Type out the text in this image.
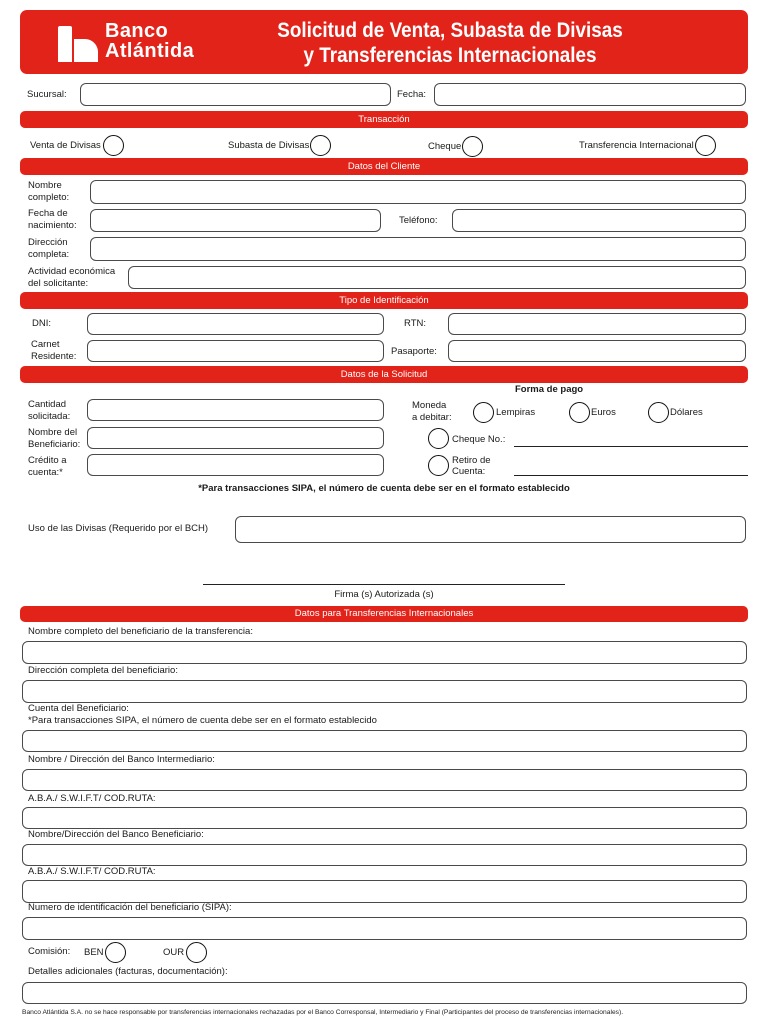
Banco
Atlántida
Solicitud de Venta, Subasta de Divisas
y Transferencias Internacionales
Sucursal:	Fecha:
Transacción
Venta de Divisas	Subasta de Divisas	Cheque	Transferencia Internacional
Datos del Cliente
Nombre
completo:
Fecha de
nacimiento:	Teléfono:
Dirección
completa:
Actividad económica
del solicitante:
Tipo de Identificación
DNI:	RTN:
Carnet
Residente:	Pasaporte:
Datos de la Solicitud
Forma de pago
Cantidad
solicitada:
Moneda
a debitar:	Lempiras	Euros	Dólares
Nombre del
Beneficiario:	Cheque No.:
Crédito a
cuenta:*
Retiro de
Cuenta:
*Para transacciones SIPA, el número de cuenta debe ser en el formato establecido
Uso de las Divisas (Requerido por el BCH)
Firma (s) Autorizada (s)
Datos para Transferencias Internacionales
Nombre completo del beneficiario de la transferencia:
Dirección completa del beneficiario:
Cuenta del Beneficiario:
*Para transacciones SIPA, el número de cuenta debe ser en el formato establecido
Nombre / Dirección del Banco Intermediario:
A.B.A./ S.W.I.F.T/ COD.RUTA:
Nombre/Dirección del Banco Beneficiario:
A.B.A./ S.W.I.F.T/ COD.RUTA:
Numero de identificación del beneficiario (SIPA):
Comisión: BEN	OUR
Detalles adicionales (facturas, documentación):
Banco Atlántida S.A. no se hace responsable por transferencias internacionales rechazadas por el Banco Corresponsal, Intermediario y Final (Participantes del proceso de transferencias internacionales).
